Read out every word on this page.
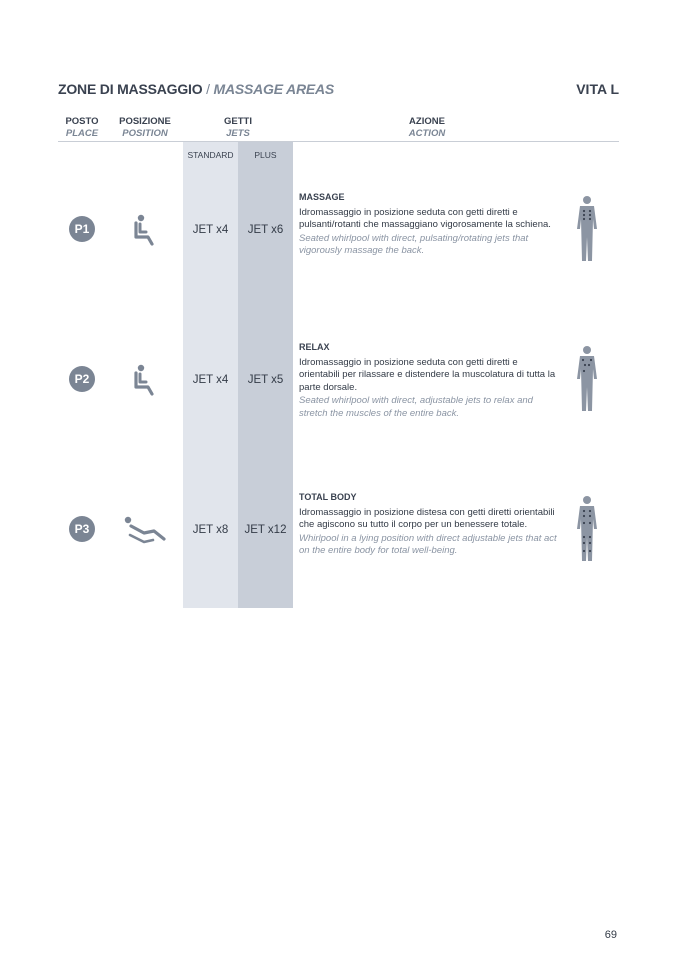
ZONE DI MASSAGGIO / MASSAGE AREAS	VITA L
POSTO
PLACE
POSIZIONE
POSITION
GETTI
JETS
AZIONE
ACTION
STANDARD	PLUS
P1	JET x4	JET x6
MASSAGE
Idromassaggio in posizione seduta con getti diretti e pulsanti/rotanti che massaggiano vigorosamente la schiena.
Seated whirlpool with direct, pulsating/rotating jets that vigorously massage the back.
P2	JET x4	JET x5
RELAX
Idromassaggio in posizione seduta con getti diretti e orientabili per rilassare e distendere la muscolatura di tutta la parte dorsale.
Seated whirlpool with direct, adjustable jets to relax and stretch the muscles of the entire back.
P3	JET x8	JET x12
TOTAL BODY
Idromassaggio in posizione distesa con getti diretti orientabili che agiscono su tutto il corpo per un benessere totale.
Whirlpool in a lying position with direct adjustable jets that act on the entire body for total well-being.
69
